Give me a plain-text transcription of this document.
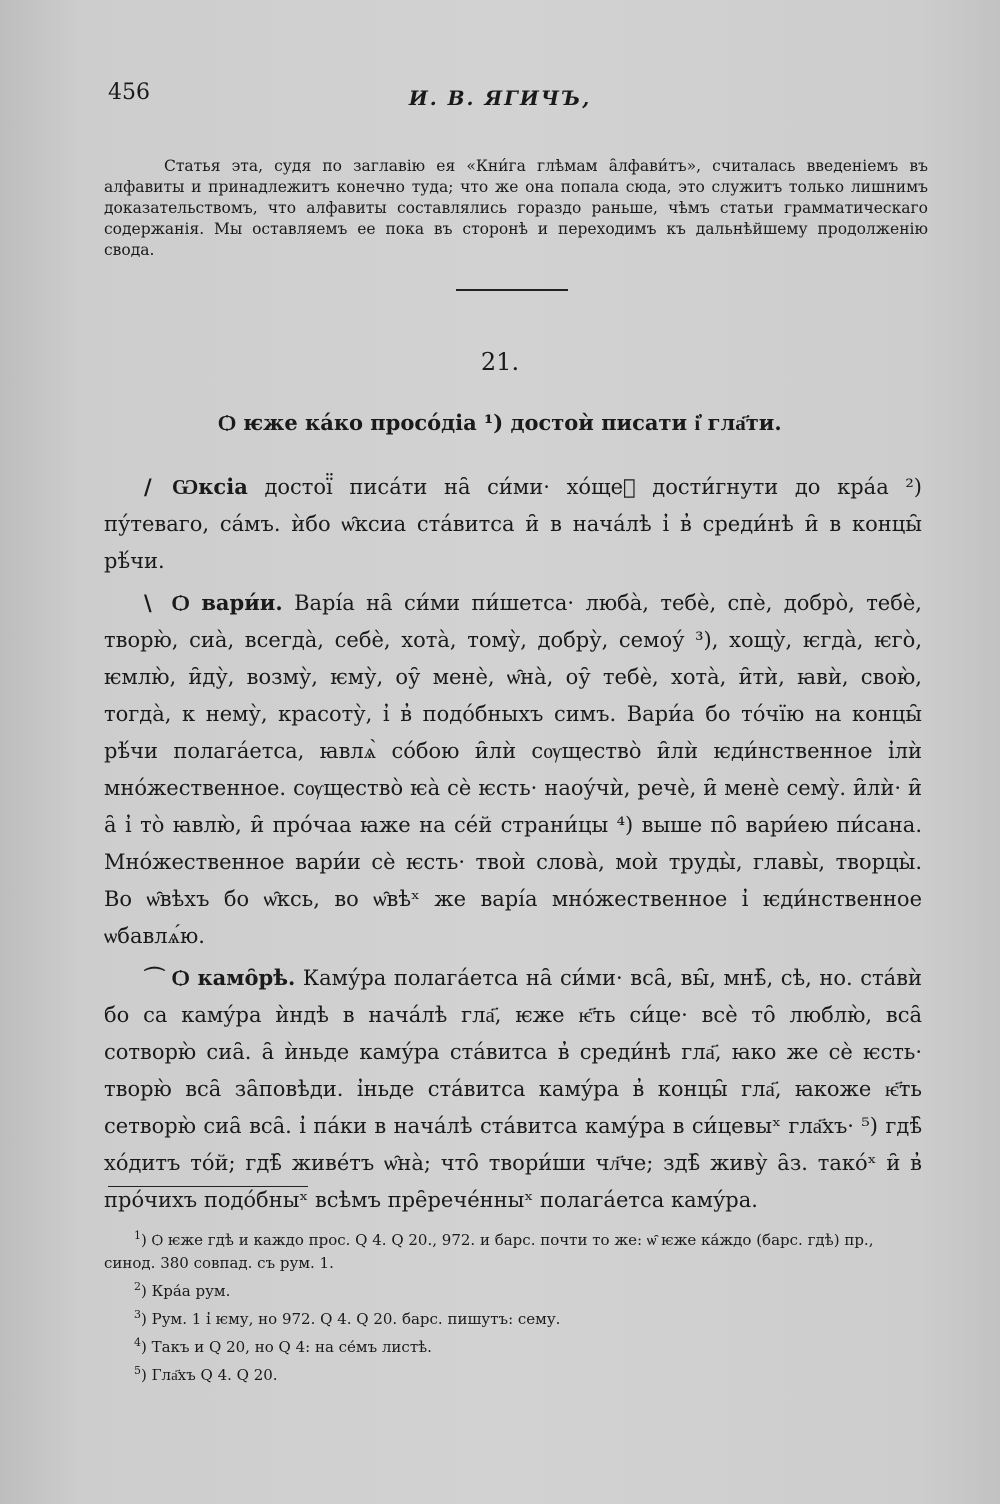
456	И. В. ЯГИЧЪ,

Статья эта, судя по заглавію ея «Кни́га глѣмам а̑лфави́тъ», считалась введеніемъ въ алфавиты и принадлежитъ конечно туда; что же она попала сюда, это служитъ только лишнимъ доказательствомъ, что алфавиты составлялись гораздо раньше, чѣмъ статьи грамматическаго содержанія. Мы оставляемъ ее пока въ сторонѣ и переходимъ къ дальнѣйшему продолженію свода.

21.
Ѻ ѥже ка́ко просо́діа ¹) достоѝ писати і҆ гла҃ти.

/ Ѡксіа достої̈ писа́ти на̑ си́ми· хо́щеᷣ дости́гнути до кра́а ²) пу́теваго, са́мъ. ѝбо ѡ̑ксиа ста́витса и̑ в нача́лѣ і̓ в̓ среди́нѣ и̑ в концы̑ рѣ́чи.

\ Ѻ вари́и. Варі́а на̑ си́ми пи́шетса· люба̀, тебѐ, спѐ, добро̀, тебѐ, творю̀, сиа̀, всегда̀, себѐ, хота̀, тому̀, добру̀, семоу́ ³), хощу̀, ѥгда̀, ѥго̀, ѥмлю̀, и̑ду̀, возму̀, ѥму̀, оу̑ менѐ, ѡ̑на̀, оу̑ тебѐ, хота̀, и̑тѝ, ꙗвѝ, свою̀, тогда̀, к нему̀, красоту̀, і̓ в̓ подо́бныхъ симъ. Вари́а бо то́чїю на концы̑ рѣ́чи полага́етса, ꙗвлѧ̀ со́бою и̑лѝ сѹщество̀ и̑лѝ ѥди́нственное і̓лѝ мно́жественное. сѹщество̀ ѥа̀ сѐ ѥсть· наоу́чѝ, речѐ, и̑ менѐ сему̀. и̑лѝ· и̑ а̑ і̓ то̀ ꙗвлю̀, и̑ про́чаа ꙗже на се́й страни́цы ⁴) выше по̑ вари́ею пи́сана. Мно́жественное вари́и сѐ ѥсть· твоѝ слова̀, моѝ труды̀, главы̀, творцы̀. Во ѡ̑вѣхъ бо ѡ̑ксь, во ѡ̑вѣˣ же варі́а мно́жественное і̓ ѥди́нственное ѡбавлѧ́ю.

⌒ Ѻ камо̑рѣ. Каму́ра полага́етса на̑ си́ми· вса̑, вы̑, мнѣ̑, сѣ, но. ста́вѝ бо са каму́ра ѝндѣ в нача́лѣ гла҃, ѥже ѥ҃ть си́це· всѐ то̑ люблю̀, вса̑ сотворю̀ сиа̑. а̑ ѝньде каму́ра ста́витса в̓ среди́нѣ гла҃, ꙗко же сѐ ѥсть· творю̀ вса̑ за̑повѣди. і̓ньде ста́витса каму́ра в̓ концы̑ гла҃, ꙗкоже ѥ҃ть сетворю̀ сиа̑ вса̑. і̓ па́ки в нача́лѣ ста́витса каму́ра в си́цевыˣ гла҃хъ· ⁵) гдѣ̑ хо́дитъ то́й; гдѣ̑ живе́тъ ѡ̑на̀; что̑ твори́ши чл҃че; здѣ̑ живу̀ а̑з. тако́ˣ и̑ в̓ про́чихъ подо́бныˣ всѣмъ пре̑рече́нныˣ полага́етса каму́ра.

$^1$) Ѻ ѥже гдѣ и каждо прос. Q 4. Q 20., 972. и барс. почти то же: ѡ̑ ѥже ка́ждо (барс. гдѣ) пр., синод. 380 совпад. съ рум. 1.

$^2$) Кра́а рум.

$^3$) Рум. 1 і̓ ѥму, но 972. Q 4. Q 20. барс. пишутъ: сему.

$^4$) Такъ и Q 20, но Q 4: на се́мъ листѣ.

$^5$) Гла҃хъ Q 4. Q 20.
